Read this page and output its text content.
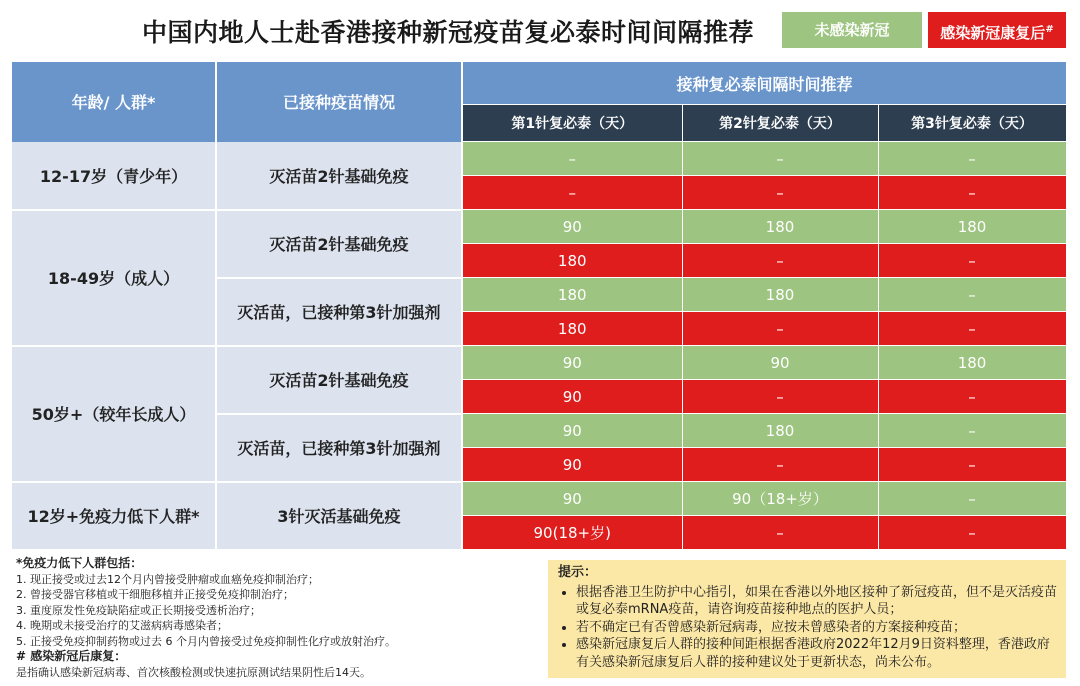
中国内地人士赴香港接种新冠疫苗复必泰时间间隔推荐	未感染新冠	感染新冠康复后#
年龄/ 人群*	已接种疫苗情况	接种复必泰间隔时间推荐		
		第1针复必泰（天）	第2针复必泰（天）	第3针复必泰（天）
12-17岁（青少年）	灭活苗2针基础免疫	–	–	–
		–	–	–
18-49岁（成人）	灭活苗2针基础免疫	90	180	180
		180	–	–
	灭活苗，已接种第3针加强剂	180	180	–
		180	–	–
50岁+（较年长成人）	灭活苗2针基础免疫	90	90	180
		90	–	–
	灭活苗，已接种第3针加强剂	90	180	–
		90	–	–
12岁+免疫力低下人群*	3针灭活基础免疫	90	90（18+岁）	–
		90(18+岁)	–	–
*免疫力低下人群包括：
1. 现正接受或过去12个月内曾接受肿瘤或血癌免疫抑制治疗；
2. 曾接受器官移植或干细胞移植并正接受免疫抑制治疗；
3. 重度原发性免疫缺陷症或正长期接受透析治疗；
4. 晚期或未接受治疗的艾滋病病毒感染者；
5. 正接受免疫抑制药物或过去 6 个月内曾接受过免疫抑制性化疗或放射治疗。
# 感染新冠后康复：
是指确认感染新冠病毒、首次核酸检测或快速抗原测试结果阴性后14天。
提示：
• 根据香港卫生防护中心指引，如果在香港以外地区接种了新冠疫苗，但不是灭活疫苗或复必泰mRNA疫苗，请咨询疫苗接种地点的医护人员；
• 若不确定已有否曾感染新冠病毒，应按未曾感染者的方案接种疫苗；
• 感染新冠康复后人群的接种间距根据香港政府2022年12月9日资料整理，香港政府有关感染新冠康复后人群的接种建议处于更新状态，尚未公布。
